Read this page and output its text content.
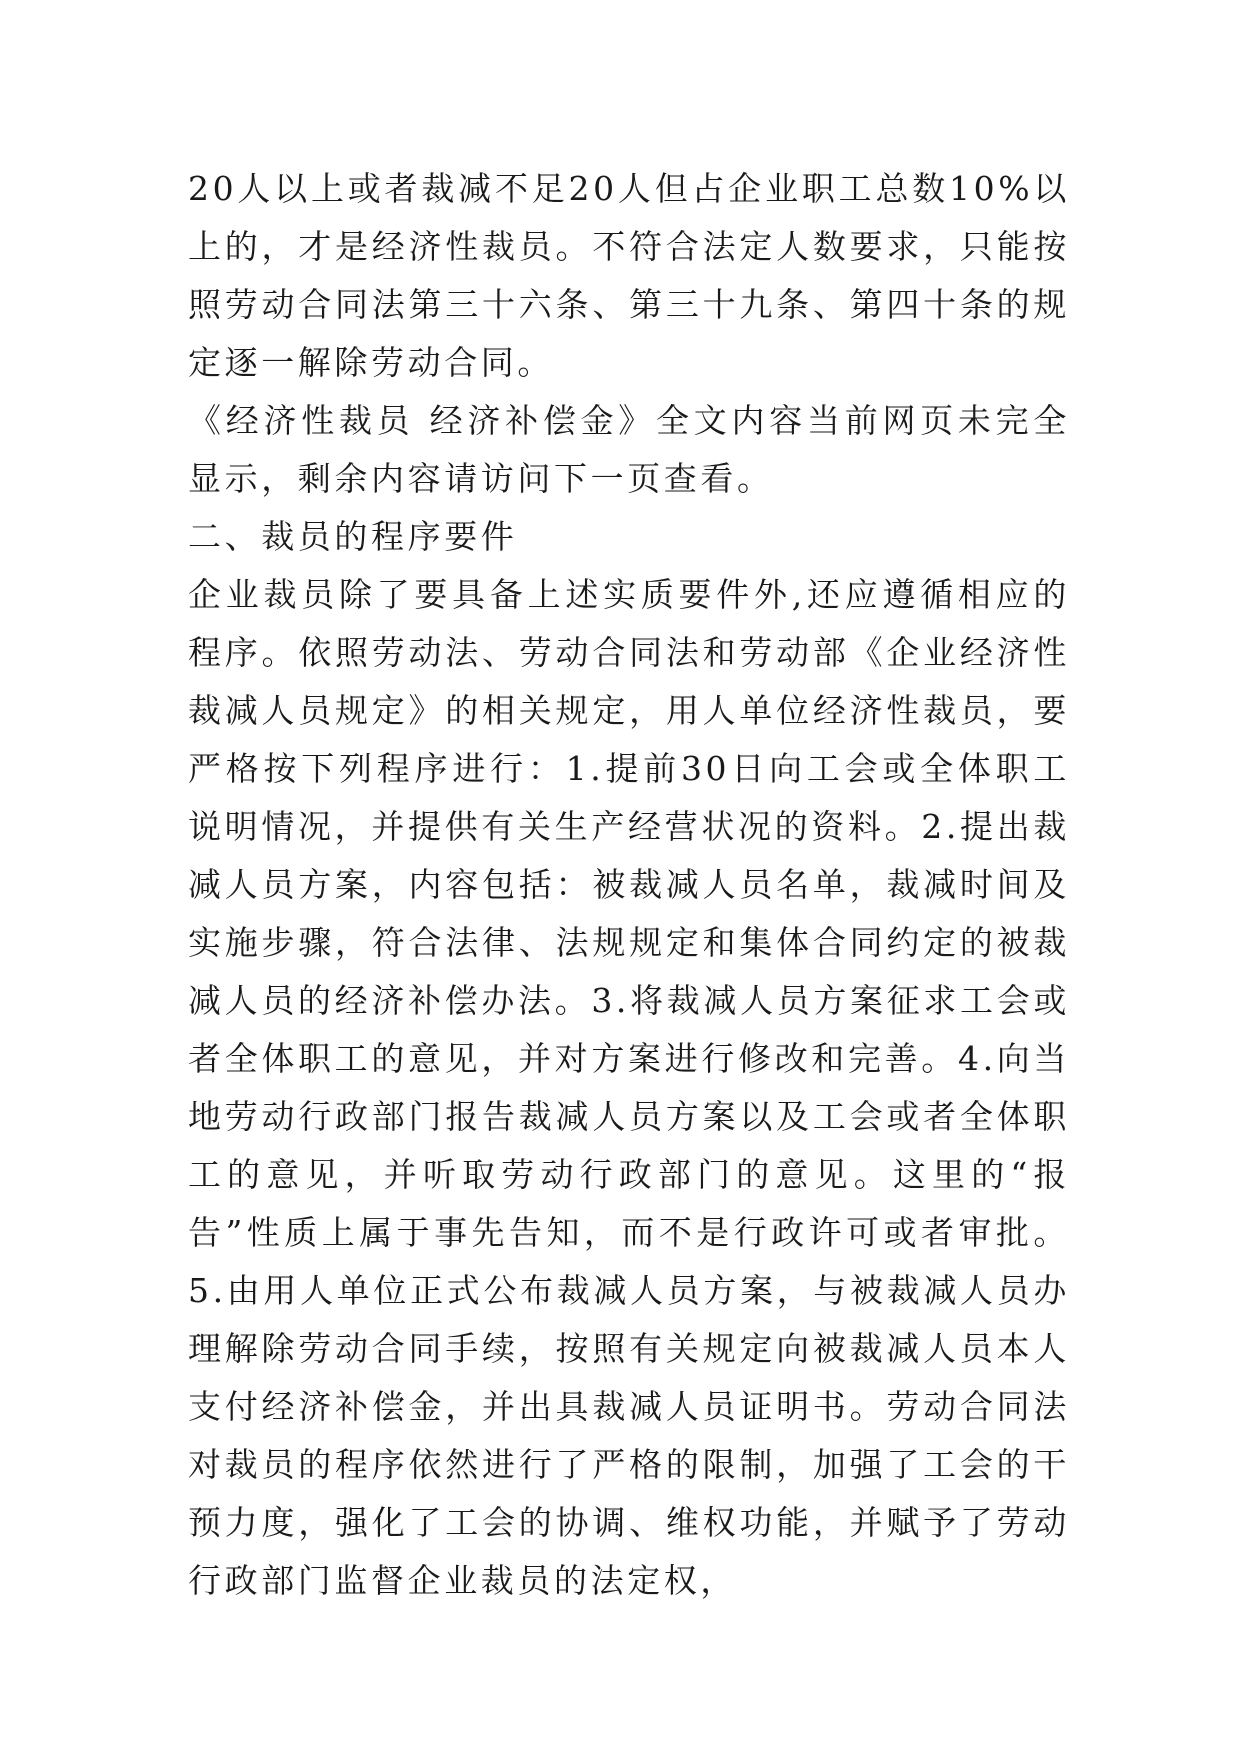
20人以上或者裁减不足20人但占企业职工总数10%以上的，才是经济性裁员。不符合法定人数要求，只能按照劳动合同法第三十六条、第三十九条、第四十条的规定逐一解除劳动合同。

《经济性裁员 经济补偿金》全文内容当前网页未完全显示，剩余内容请访问下一页查看。

二、裁员的程序要件

企业裁员除了要具备上述实质要件外,还应遵循相应的程序。依照劳动法、劳动合同法和劳动部《企业经济性裁减人员规定》的相关规定，用人单位经济性裁员，要严格按下列程序进行：1.提前30日向工会或全体职工说明情况，并提供有关生产经营状况的资料。2.提出裁减人员方案，内容包括：被裁减人员名单，裁减时间及实施步骤，符合法律、法规规定和集体合同约定的被裁减人员的经济补偿办法。3.将裁减人员方案征求工会或者全体职工的意见，并对方案进行修改和完善。4.向当地劳动行政部门报告裁减人员方案以及工会或者全体职工的意见，并听取劳动行政部门的意见。这里的“报告”性质上属于事先告知，而不是行政许可或者审批。5.由用人单位正式公布裁减人员方案，与被裁减人员办理解除劳动合同手续，按照有关规定向被裁减人员本人支付经济补偿金，并出具裁减人员证明书。劳动合同法对裁员的程序依然进行了严格的限制，加强了工会的干预力度，强化了工会的协调、维权功能，并赋予了劳动行政部门监督企业裁员的法定权，
